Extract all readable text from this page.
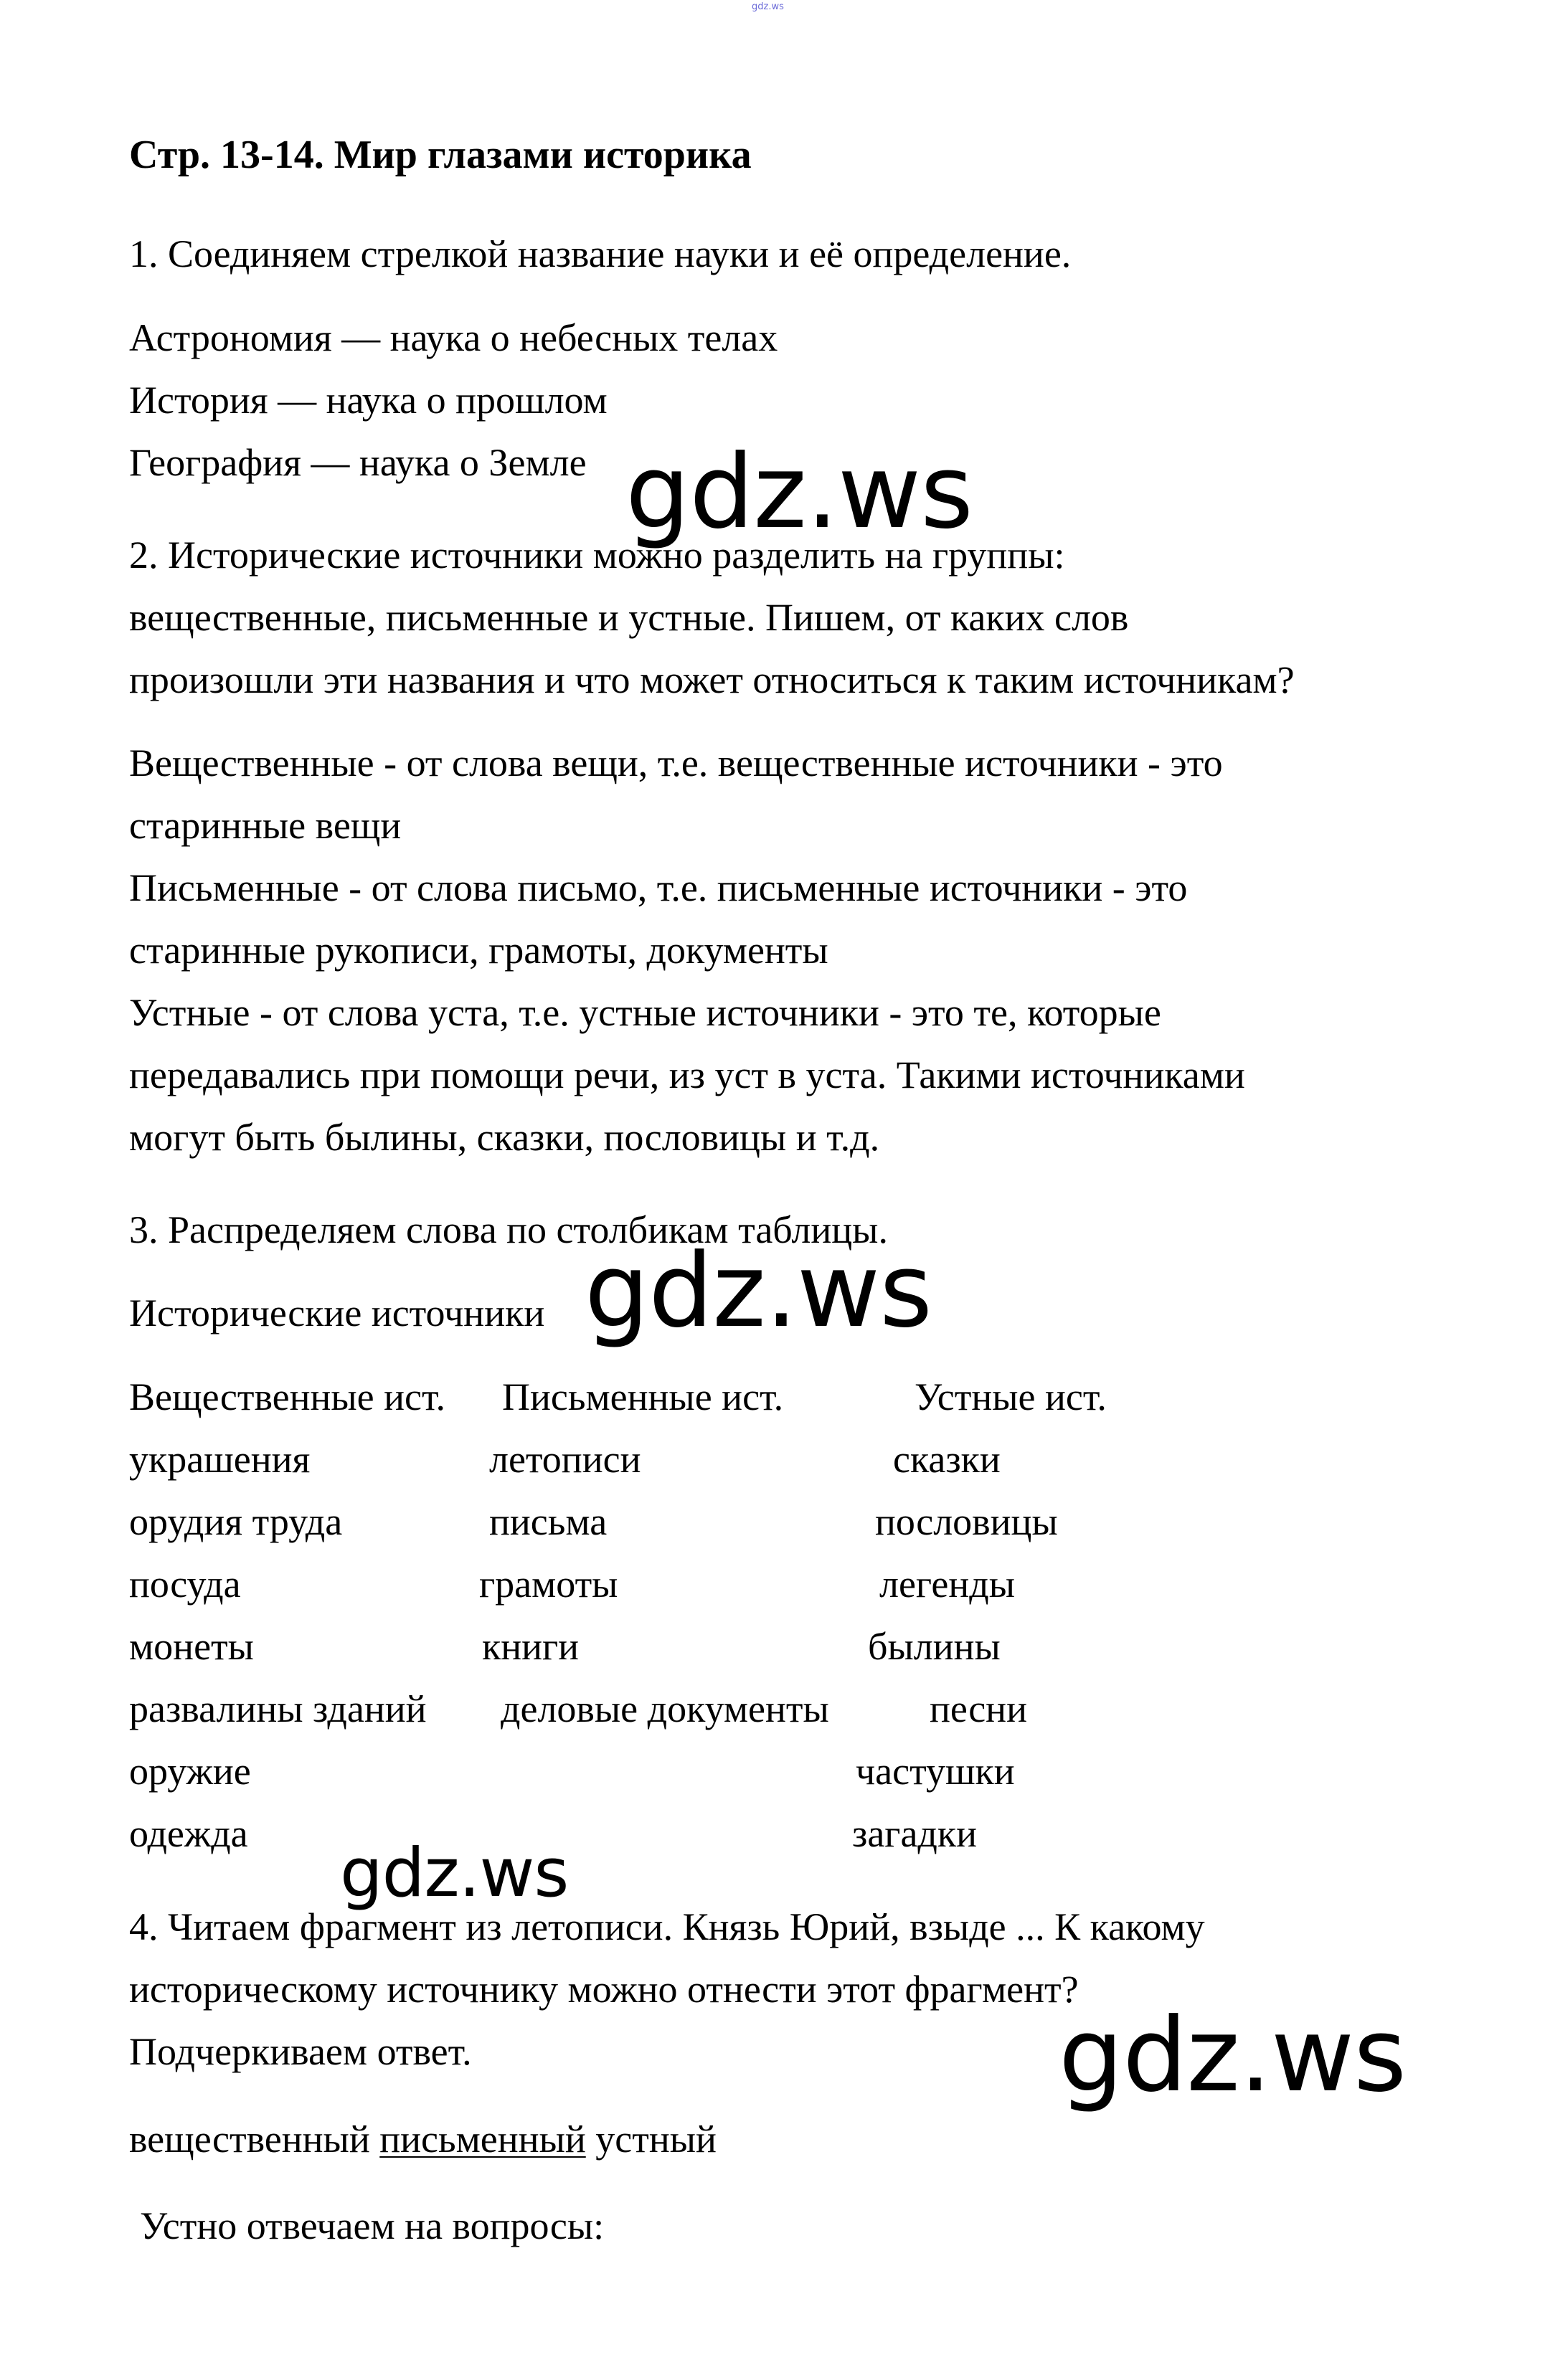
gdz.ws
Стр. 13-14. Мир глазами историка
1. Соединяем стрелкой название науки и её определение.
Астрономия — наука о небесных телах
История — наука о прошлом
География — наука о Земле
2. Исторические источники можно разделить на группы:
вещественные, письменные и устные. Пишем, от каких слов
произошли эти названия и что может относиться к таким источникам?
Вещественные - от слова вещи, т.е. вещественные источники - это
старинные вещи
Письменные - от слова письмо, т.е. письменные источники - это
старинные рукописи, грамоты, документы
Устные - от слова уста, т.е. устные источники - это те, которые
передавались при помощи речи, из уст в уста. Такими источниками
могут быть былины, сказки, пословицы и т.д.
3. Распределяем слова по столбикам таблицы.
Исторические источники
Вещественные ист. Письменные ист.	Устные ист.
украшения
орудия труда
посуда
монеты
развалины зданий
оружие
одежда
летописи
письма
грамоты
книги
деловые документы
сказки
пословицы
легенды
былины
песни
частушки
загадки
4. Читаем фрагмент из летописи. Князь Юрий, взыде ... К какому
историческому источнику можно отнести этот фрагмент?
Подчеркиваем ответ.
вещественный письменный устный
Устно отвечаем на вопросы:
gdz.ws
gdz.ws
gdz.ws
gdz.ws
